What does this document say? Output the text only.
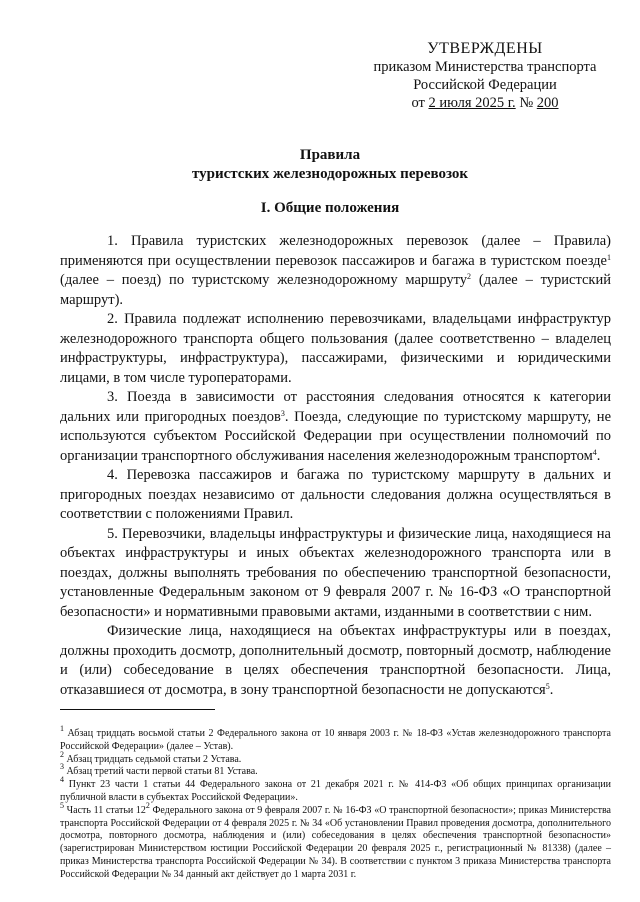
УТВЕРЖДЕНЫ
приказом Министерства транспорта
Российской Федерации
от 2 июля 2025 г. № 200
Правила
туристских железнодорожных перевозок
I. Общие положения

1. Правила туристских железнодорожных перевозок (далее – Правила) применяются при осуществлении перевозок пассажиров и багажа в туристском поезде$^1$ (далее – поезд) по туристскому железнодорожному маршруту$^2$ (далее – туристский маршрут).

2. Правила подлежат исполнению перевозчиками, владельцами инфраструктур железнодорожного транспорта общего пользования (далее соответственно – владелец инфраструктуры, инфраструктура), пассажирами, физическими и юридическими лицами, в том числе туроператорами.

3. Поезда в зависимости от расстояния следования относятся к категории дальних или пригородных поездов$^3$. Поезда, следующие по туристскому маршруту, не используются субъектом Российской Федерации при осуществлении полномочий по организации транспортного обслуживания населения железнодорожным транспортом$^4$.

4. Перевозка пассажиров и багажа по туристскому маршруту в дальних и пригородных поездах независимо от дальности следования должна осуществляться в соответствии с положениями Правил.

5. Перевозчики, владельцы инфраструктуры и физические лица, находящиеся на объектах инфраструктуры и иных объектах железнодорожного транспорта или в поездах, должны выполнять требования по обеспечению транспортной безопасности, установленные Федеральным законом от 9 февраля 2007 г. № 16-ФЗ «О транспортной безопасности» и нормативными правовыми актами, изданными в соответствии с ним.

Физические лица, находящиеся на объектах инфраструктуры или в поездах, должны проходить досмотр, дополнительный досмотр, повторный досмотр, наблюдение и (или) собеседование в целях обеспечения транспортной безопасности. Лица, отказавшиеся от досмотра, в зону транспортной безопасности не допускаются$^5$.

$^1$ Абзац тридцать восьмой статьи 2 Федерального закона от 10 января 2003 г. № 18-ФЗ «Устав железнодорожного транспорта Российской Федерации» (далее – Устав).

$^2$ Абзац тридцать седьмой статьи 2 Устава.

$^3$ Абзац третий части первой статьи 81 Устава.

$^4$ Пункт 23 части 1 статьи 44 Федерального закона от 21 декабря 2021 г. № 414-ФЗ «Об общих принципах организации публичной власти в субъектах Российской Федерации».

$^5$ Часть 11 статьи $12^2$ Федерального закона от 9 февраля 2007 г. № 16-ФЗ «О транспортной безопасности»; приказ Министерства транспорта Российской Федерации от 4 февраля 2025 г. № 34 «Об установлении Правил проведения досмотра, дополнительного досмотра, повторного досмотра, наблюдения и (или) собеседования в целях обеспечения транспортной безопасности» (зарегистрирован Министерством юстиции Российской Федерации 20 февраля 2025 г., регистрационный № 81338) (далее – приказ Министерства транспорта Российской Федерации № 34). В соответствии с пунктом 3 приказа Министерства транспорта Российской Федерации № 34 данный акт действует до 1 марта 2031 г.
